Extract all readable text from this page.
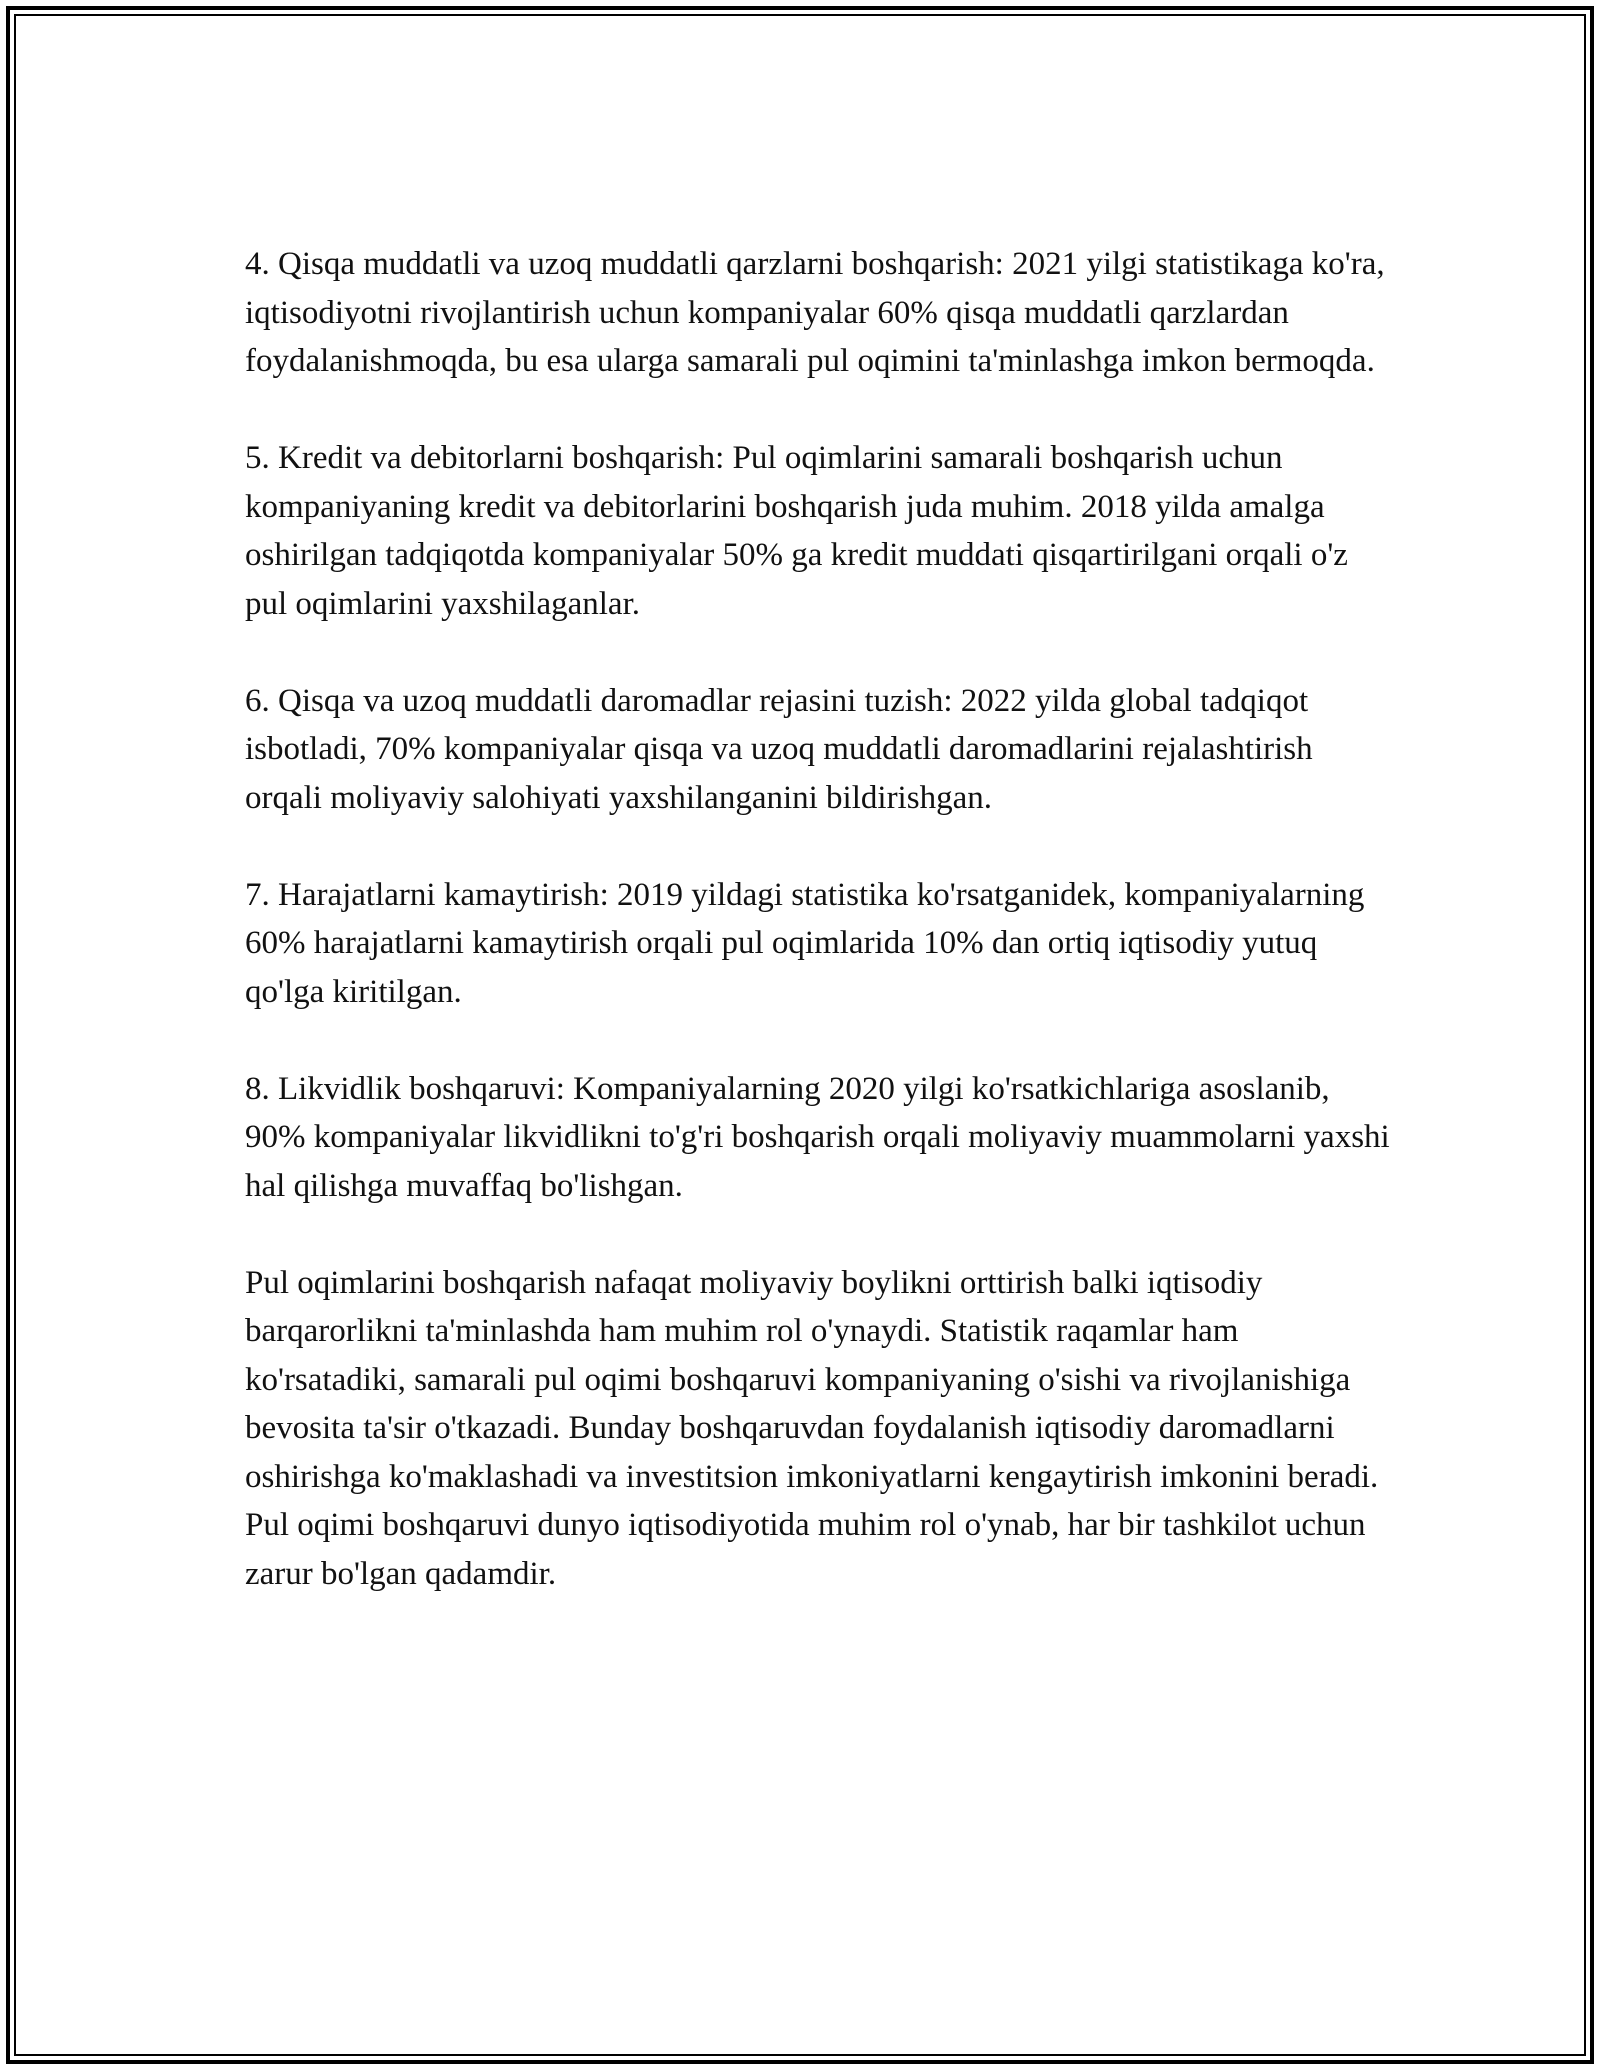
4. Qisqa muddatli va uzoq muddatli qarzlarni boshqarish: 2021 yilgi statistikaga ko'ra, iqtisodiyotni rivojlantirish uchun kompaniyalar 60% qisqa muddatli qarzlardan foydalanishmoqda, bu esa ularga samarali pul oqimini ta'minlashga imkon bermoqda.

5. Kredit va debitorlarni boshqarish: Pul oqimlarini samarali boshqarish uchun kompaniyaning kredit va debitorlarini boshqarish juda muhim. 2018 yilda amalga oshirilgan tadqiqotda kompaniyalar 50% ga kredit muddati qisqartirilgani orqali o'z pul oqimlarini yaxshilaganlar.

6. Qisqa va uzoq muddatli daromadlar rejasini tuzish: 2022 yilda global tadqiqot isbotladi, 70% kompaniyalar qisqa va uzoq muddatli daromadlarini rejalashtirish orqali moliyaviy salohiyati yaxshilanganini bildirishgan.

7. Harajatlarni kamaytirish: 2019 yildagi statistika ko'rsatganidek, kompaniyalarning 60% harajatlarni kamaytirish orqali pul oqimlarida 10% dan ortiq iqtisodiy yutuq qo'lga kiritilgan.

8. Likvidlik boshqaruvi: Kompaniyalarning 2020 yilgi ko'rsatkichlariga asoslanib, 90% kompaniyalar likvidlikni to'g'ri boshqarish orqali moliyaviy muammolarni yaxshi hal qilishga muvaffaq bo'lishgan.

Pul oqimlarini boshqarish nafaqat moliyaviy boylikni orttirish balki iqtisodiy barqarorlikni ta'minlashda ham muhim rol o'ynaydi. Statistik raqamlar ham ko'rsatadiki, samarali pul oqimi boshqaruvi kompaniyaning o'sishi va rivojlanishiga bevosita ta'sir o'tkazadi. Bunday boshqaruvdan foydalanish iqtisodiy daromadlarni oshirishga ko'maklashadi va investitsion imkoniyatlarni kengaytirish imkonini beradi. Pul oqimi boshqaruvi dunyo iqtisodiyotida muhim rol o'ynab, har bir tashkilot uchun zarur bo'lgan qadamdir.
